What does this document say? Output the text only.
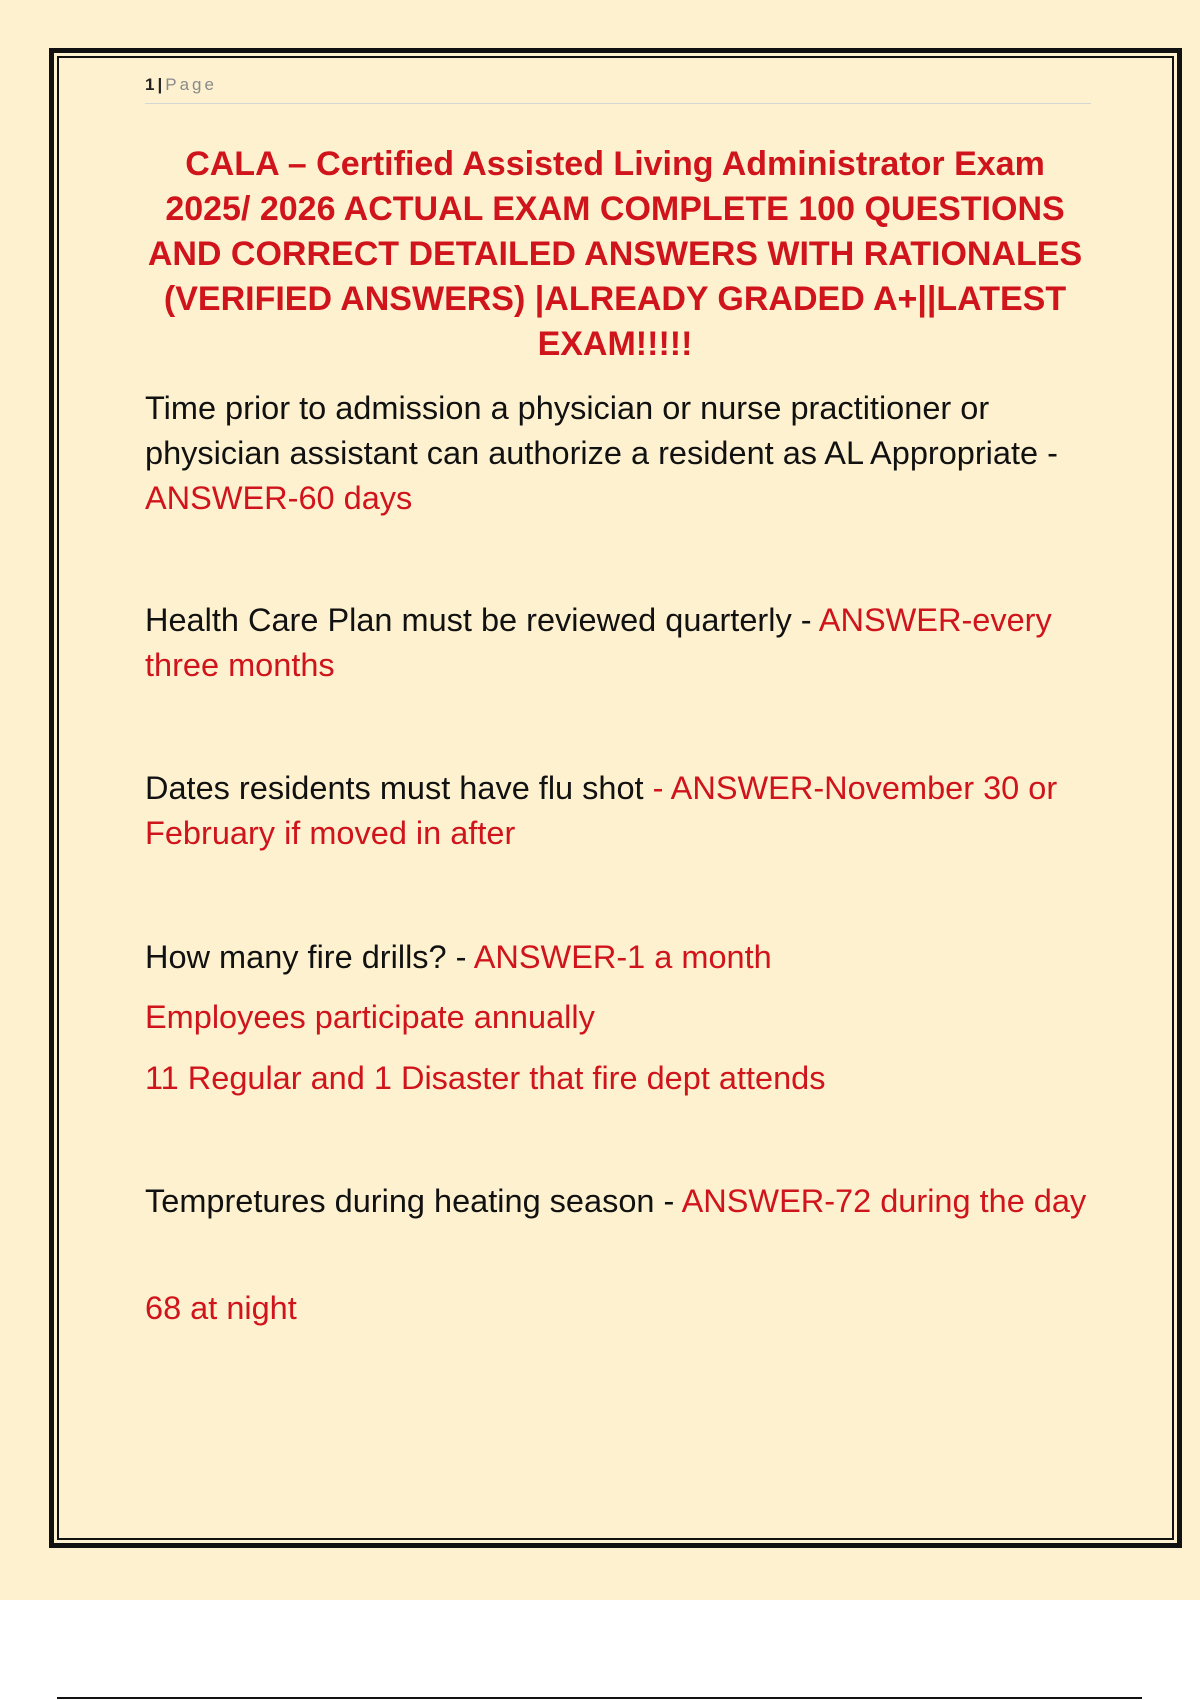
1 | Page
CALA – Certified Assisted Living Administrator Exam 2025/ 2026 ACTUAL EXAM COMPLETE 100 QUESTIONS AND CORRECT DETAILED ANSWERS WITH RATIONALES (VERIFIED ANSWERS) |ALREADY GRADED A+||LATEST EXAM!!!!!

Time prior to admission a physician or nurse practitioner or physician assistant can authorize a resident as AL Appropriate - ANSWER-60 days

Health Care Plan must be reviewed quarterly - ANSWER-every three months

Dates residents must have flu shot - ANSWER-November 30 or February if moved in after

How many fire drills? - ANSWER-1 a month

Employees participate annually

11 Regular and 1 Disaster that fire dept attends

Tempretures during heating season - ANSWER-72 during the day

68 at night
